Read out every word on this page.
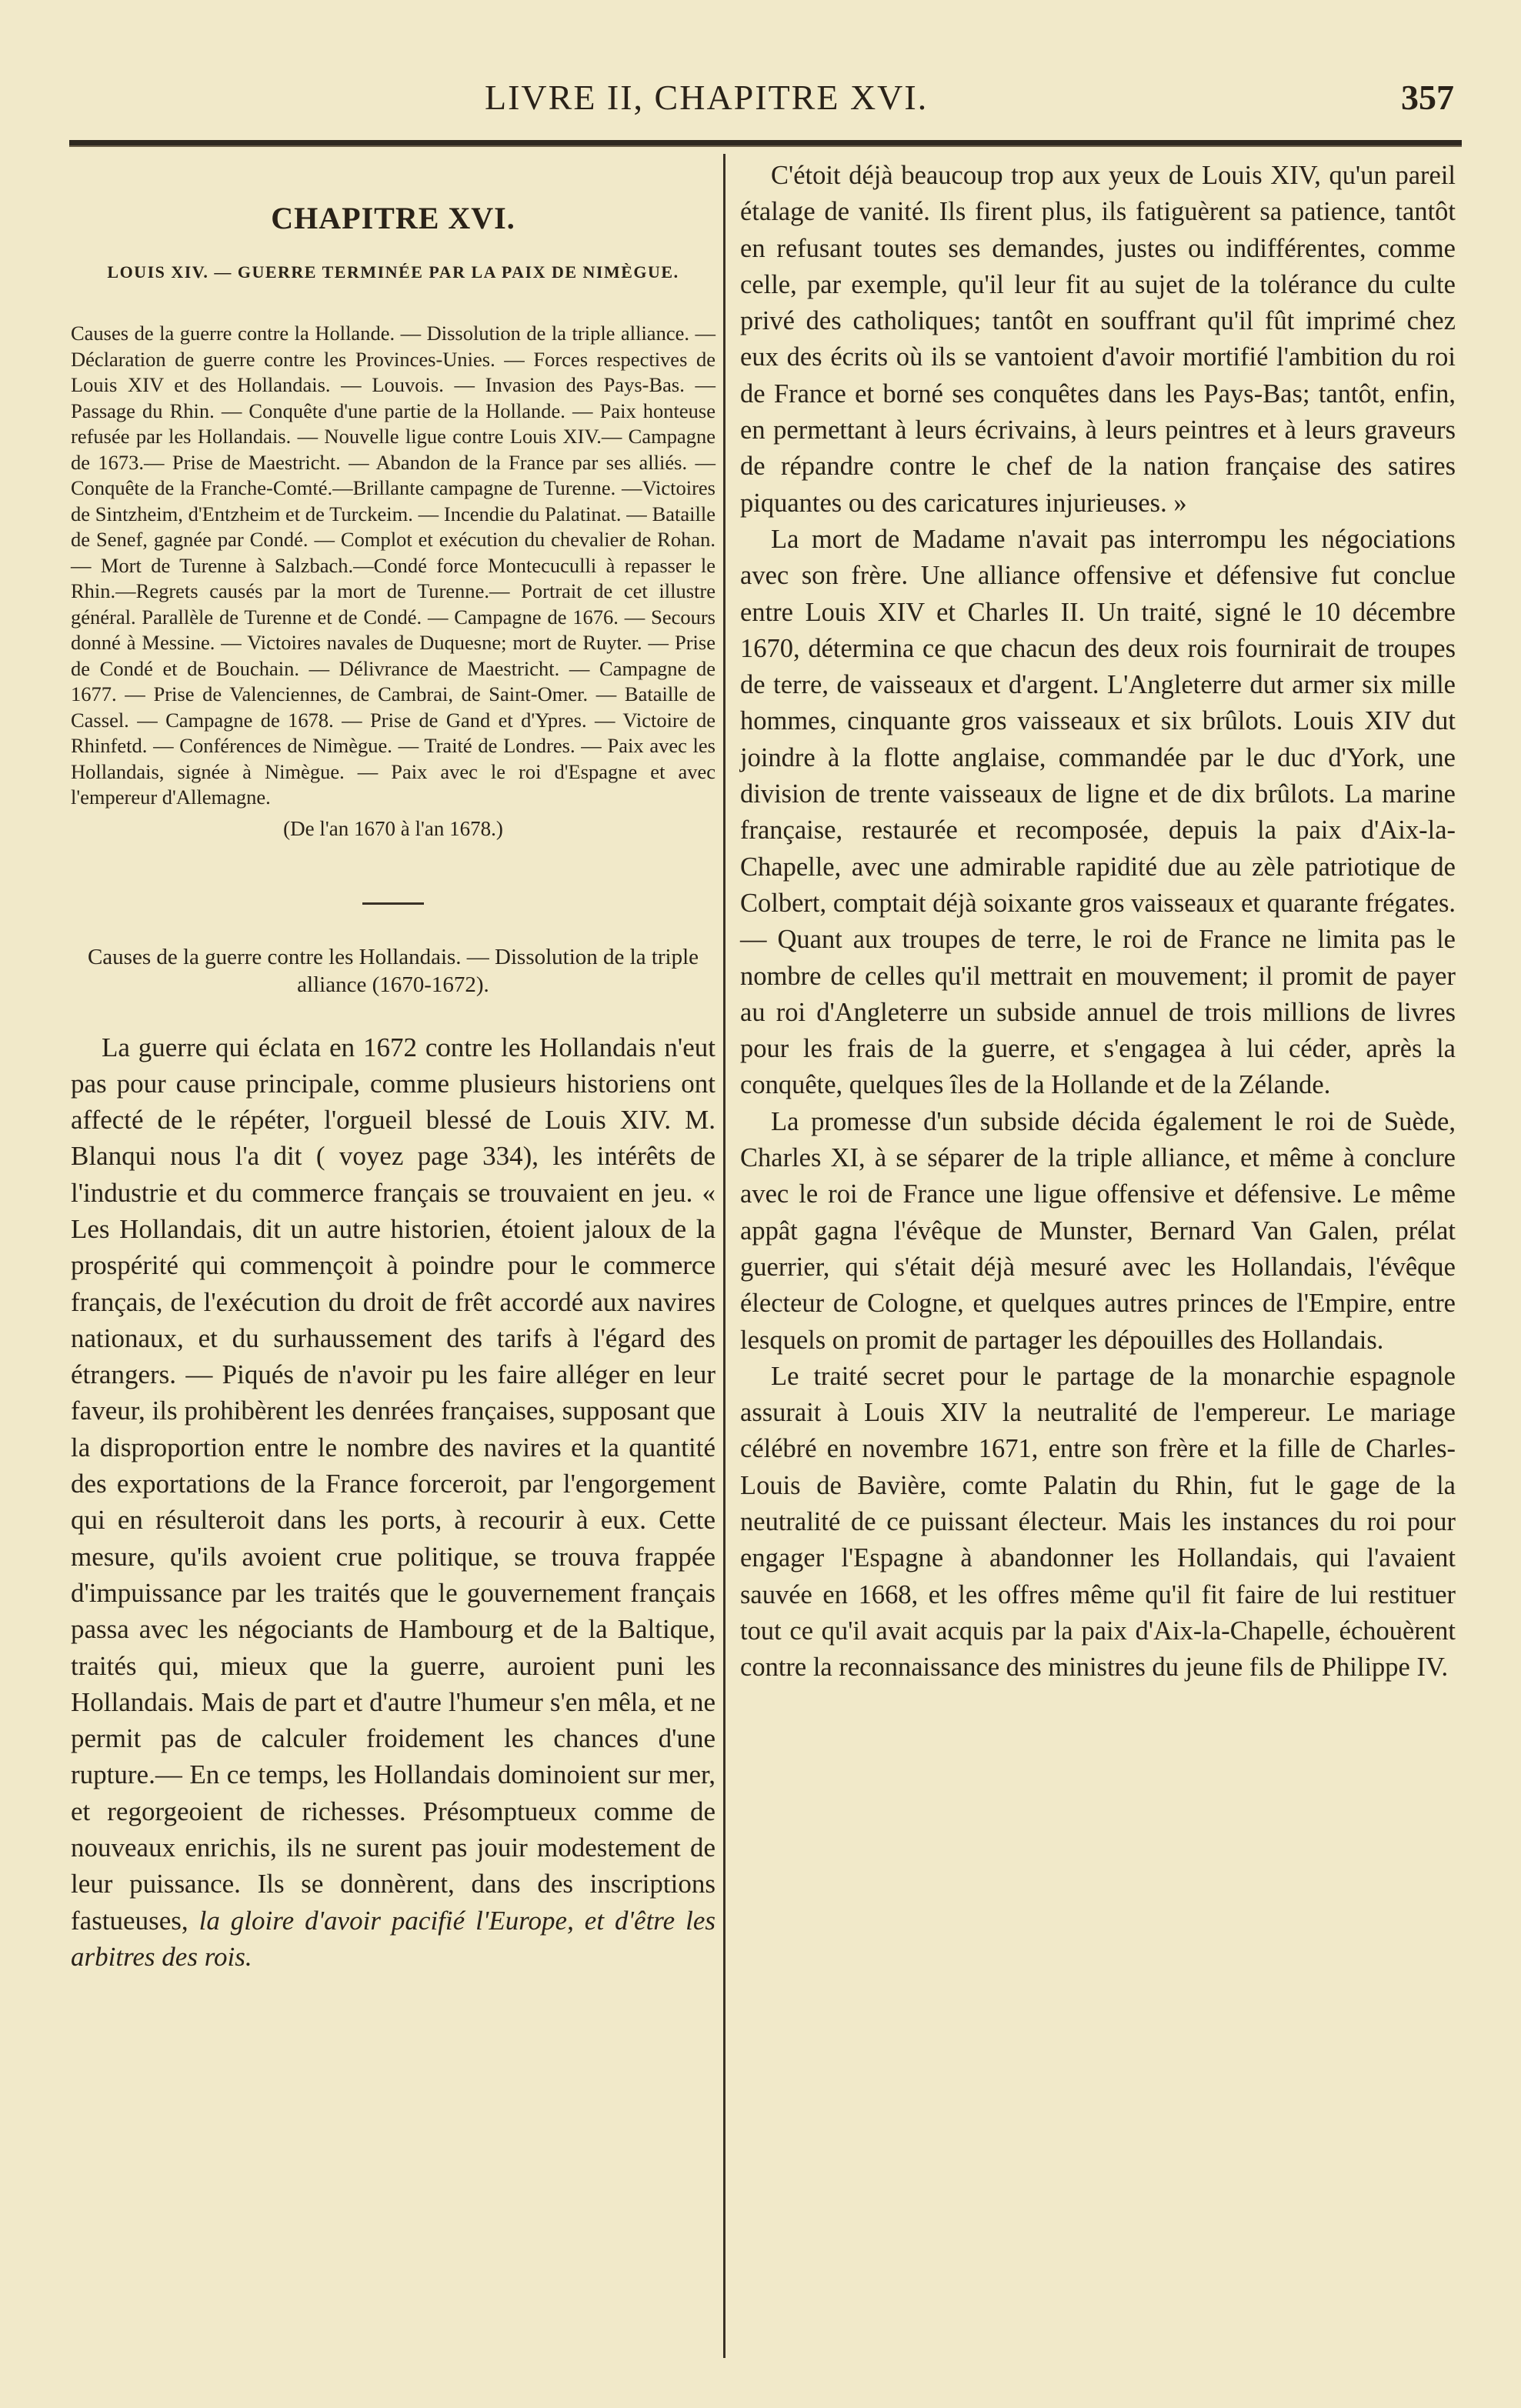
LIVRE II, CHAPITRE XVI.	357
CHAPITRE XVI.
LOUIS XIV. — GUERRE TERMINÉE PAR LA PAIX DE NIMÈGUE.

Causes de la guerre contre la Hollande. — Dissolution de la triple alliance. — Déclaration de guerre contre les Provinces-Unies. — Forces respectives de Louis XIV et des Hollandais. — Louvois. — Invasion des Pays-Bas. — Passage du Rhin. — Conquête d'une partie de la Hollande. — Paix honteuse refusée par les Hollandais. — Nouvelle ligue contre Louis XIV.— Campagne de 1673.— Prise de Maestricht. — Abandon de la France par ses alliés. — Conquête de la Franche-Comté.—Brillante campagne de Turenne. —Victoires de Sintzheim, d'Entzheim et de Turckeim. — Incendie du Palatinat. — Bataille de Senef, gagnée par Condé. — Complot et exécution du chevalier de Rohan. — Mort de Turenne à Salzbach.—Condé force Montecuculli à repasser le Rhin.—Regrets causés par la mort de Turenne.— Portrait de cet illustre général. Parallèle de Turenne et de Condé. — Campagne de 1676. — Secours donné à Messine. — Victoires navales de Duquesne; mort de Ruyter. — Prise de Condé et de Bouchain. — Délivrance de Maestricht. — Campagne de 1677. — Prise de Valenciennes, de Cambrai, de Saint-Omer. — Bataille de Cassel. — Campagne de 1678. — Prise de Gand et d'Ypres. — Victoire de Rhinfetd. — Conférences de Nimègue. — Traité de Londres. — Paix avec les Hollandais, signée à Nimègue. — Paix avec le roi d'Espagne et avec l'empereur d'Allemagne.

(De l'an 1670 à l'an 1678.)
Causes de la guerre contre les Hollandais. — Dissolution de la triple alliance (1670-1672).

La guerre qui éclata en 1672 contre les Hollandais n'eut pas pour cause principale, comme plusieurs historiens ont affecté de le répéter, l'orgueil blessé de Louis XIV. M. Blanqui nous l'a dit ( voyez page 334), les intérêts de l'industrie et du commerce français se trouvaient en jeu. « Les Hollandais, dit un autre historien, étoient jaloux de la prospérité qui commençoit à poindre pour le commerce français, de l'exécution du droit de frêt accordé aux navires nationaux, et du surhaussement des tarifs à l'égard des étrangers. — Piqués de n'avoir pu les faire alléger en leur faveur, ils prohibèrent les denrées françaises, supposant que la disproportion entre le nombre des navires et la quantité des exportations de la France forceroit, par l'engorgement qui en résulteroit dans les ports, à recourir à eux. Cette mesure, qu'ils avoient crue politique, se trouva frappée d'impuissance par les traités que le gouvernement français passa avec les négociants de Hambourg et de la Baltique, traités qui, mieux que la guerre, auroient puni les Hollandais. Mais de part et d'autre l'humeur s'en mêla, et ne permit pas de calculer froidement les chances d'une rupture.— En ce temps, les Hollandais dominoient sur mer, et regorgeoient de richesses. Présomptueux comme de nouveaux enrichis, ils ne surent pas jouir modestement de leur puissance. Ils se donnèrent, dans des inscriptions fastueuses, la gloire d'avoir pacifié l'Europe, et d'être les arbitres des rois.

C'étoit déjà beaucoup trop aux yeux de Louis XIV, qu'un pareil étalage de vanité. Ils firent plus, ils fatiguèrent sa patience, tantôt en refusant toutes ses demandes, justes ou indifférentes, comme celle, par exemple, qu'il leur fit au sujet de la tolérance du culte privé des catholiques; tantôt en souffrant qu'il fût imprimé chez eux des écrits où ils se vantoient d'avoir mortifié l'ambition du roi de France et borné ses conquêtes dans les Pays-Bas; tantôt, enfin, en permettant à leurs écrivains, à leurs peintres et à leurs graveurs de répandre contre le chef de la nation française des satires piquantes ou des caricatures injurieuses. »

La mort de Madame n'avait pas interrompu les négociations avec son frère. Une alliance offensive et défensive fut conclue entre Louis XIV et Charles II. Un traité, signé le 10 décembre 1670, détermina ce que chacun des deux rois fournirait de troupes de terre, de vaisseaux et d'argent. L'Angleterre dut armer six mille hommes, cinquante gros vaisseaux et six brûlots. Louis XIV dut joindre à la flotte anglaise, commandée par le duc d'York, une division de trente vaisseaux de ligne et de dix brûlots. La marine française, restaurée et recomposée, depuis la paix d'Aix-la-Chapelle, avec une admirable rapidité due au zèle patriotique de Colbert, comptait déjà soixante gros vaisseaux et quarante frégates. — Quant aux troupes de terre, le roi de France ne limita pas le nombre de celles qu'il mettrait en mouvement; il promit de payer au roi d'Angleterre un subside annuel de trois millions de livres pour les frais de la guerre, et s'engagea à lui céder, après la conquête, quelques îles de la Hollande et de la Zélande.

La promesse d'un subside décida également le roi de Suède, Charles XI, à se séparer de la triple alliance, et même à conclure avec le roi de France une ligue offensive et défensive. Le même appât gagna l'évêque de Munster, Bernard Van Galen, prélat guerrier, qui s'était déjà mesuré avec les Hollandais, l'évêque électeur de Cologne, et quelques autres princes de l'Empire, entre lesquels on promit de partager les dépouilles des Hollandais.

Le traité secret pour le partage de la monarchie espagnole assurait à Louis XIV la neutralité de l'empereur. Le mariage célébré en novembre 1671, entre son frère et la fille de Charles-Louis de Bavière, comte Palatin du Rhin, fut le gage de la neutralité de ce puissant électeur. Mais les instances du roi pour engager l'Espagne à abandonner les Hollandais, qui l'avaient sauvée en 1668, et les offres même qu'il fit faire de lui restituer tout ce qu'il avait acquis par la paix d'Aix-la-Chapelle, échouèrent contre la reconnaissance des ministres du jeune fils de Philippe IV.
